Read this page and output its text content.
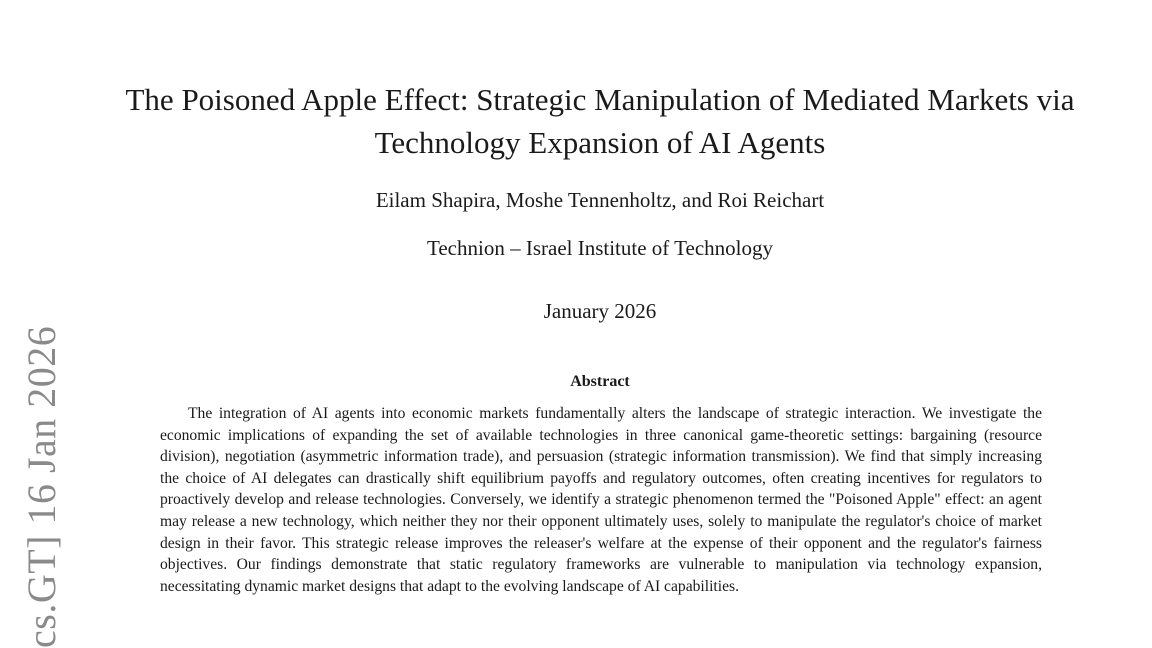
cs.GT] 16 Jan 2026
The Poisoned Apple Effect: Strategic Manipulation of Mediated Markets via Technology Expansion of AI Agents
Eilam Shapira, Moshe Tennenholtz, and Roi Reichart
Technion – Israel Institute of Technology
January 2026
Abstract

The integration of AI agents into economic markets fundamentally alters the landscape of strategic interaction. We investigate the economic implications of expanding the set of available technologies in three canonical game-theoretic settings: bargaining (resource division), negotiation (asymmetric information trade), and persuasion (strategic information transmission). We find that simply increasing the choice of AI delegates can drastically shift equilibrium payoffs and regulatory outcomes, often creating incentives for regulators to proactively develop and release technologies. Conversely, we identify a strategic phenomenon termed the "Poisoned Apple" effect: an agent may release a new technology, which neither they nor their opponent ultimately uses, solely to manipulate the regulator's choice of market design in their favor. This strategic release improves the releaser's welfare at the expense of their opponent and the regulator's fairness objectives. Our findings demonstrate that static regulatory frameworks are vulnerable to manipulation via technology expansion, necessitating dynamic market designs that adapt to the evolving landscape of AI capabilities.
